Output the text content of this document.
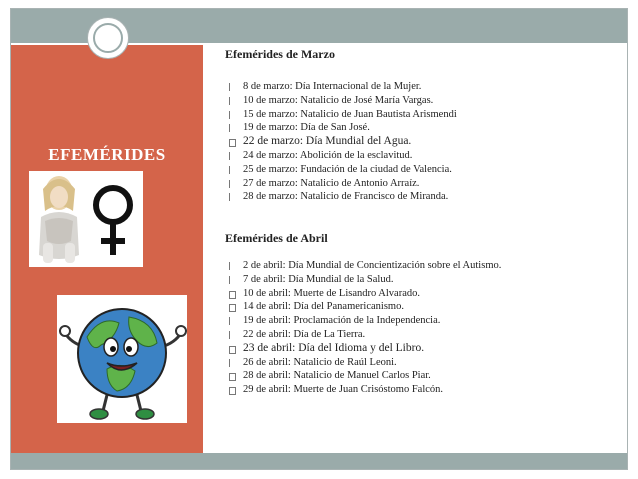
EFEMÉRIDES
Efemérides de Marzo
8 de marzo: Día Internacional de la Mujer.
10 de marzo: Natalicio de José María Vargas.
15 de marzo: Natalicio de Juan Bautista Arismendi
19 de marzo: Día de San José.
22 de marzo: Día Mundial del Agua.
24 de marzo: Abolición de la esclavitud.
25 de marzo: Fundación de la ciudad de Valencia.
27 de marzo: Natalicio de Antonio Arraíz.
28 de marzo: Natalicio de Francisco de Miranda.
Efemérides de Abril
2 de abril: Día Mundial de Concientización sobre el Autismo.
7 de abril: Día Mundial de la Salud.
10 de abril: Muerte de Lisandro Alvarado.
14 de abril: Día del Panamericanismo.
19 de abril: Proclamación de la Independencia.
22 de abril: Día de La Tierra.
23 de abril: Día del Idioma y del Libro.
26 de abril: Natalicio de Raúl Leoni.
28 de abril: Natalicio de Manuel Carlos Piar.
29 de abril: Muerte de Juan Crisóstomo Falcón.
